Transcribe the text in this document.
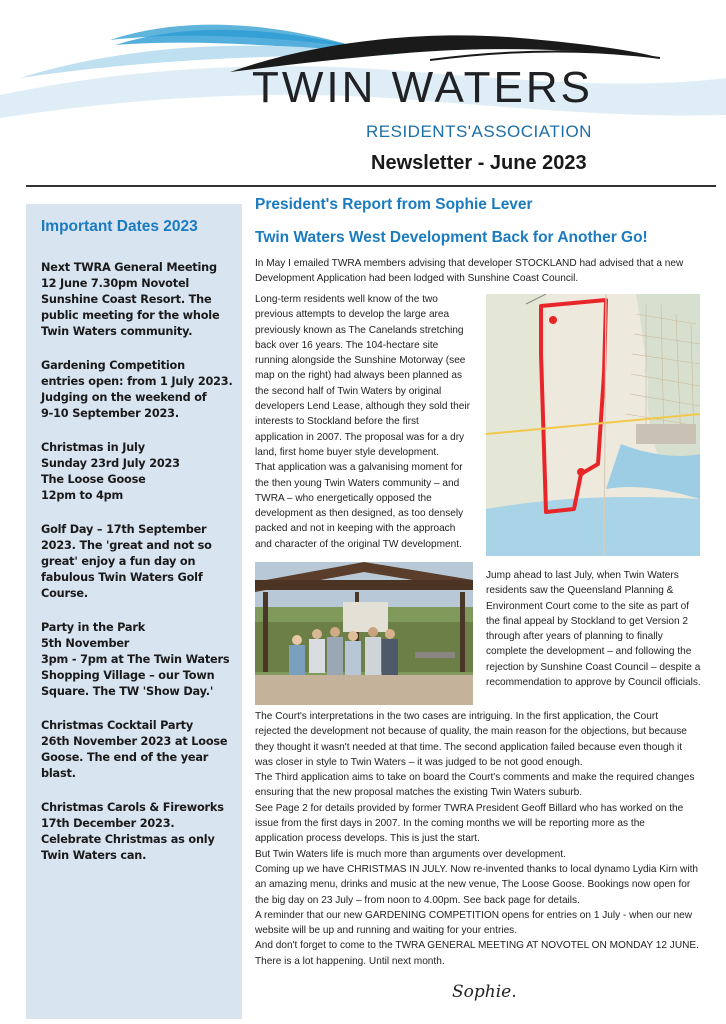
TWIN WATERS
RESIDENTS'ASSOCIATION
Newsletter - June 2023
Important Dates 2023
Next TWRA General Meeting
12 June 7.30pm Novotel
Sunshine Coast Resort. The
public meeting for the whole
Twin Waters community.
Gardening Competition
entries open: from 1 July 2023.
Judging on the weekend of
9-10 September 2023.
Christmas in July
Sunday 23rd July 2023
The Loose Goose
12pm to 4pm
Golf Day – 17th September
2023. The 'great and not so
great' enjoy a fun day on
fabulous Twin Waters Golf
Course.
Party in the Park
5th November
3pm - 7pm at The Twin Waters
Shopping Village – our Town
Square. The TW 'Show Day.'
Christmas Cocktail Party
26th November 2023 at Loose
Goose. The end of the year
blast.
Christmas Carols & Fireworks
17th December 2023.
Celebrate Christmas as only
Twin Waters can.
President's Report from Sophie Lever
Twin Waters West Development Back for Another Go!
In May I emailed TWRA members advising that developer STOCKLAND had advised that a new
Development Application had been lodged with Sunshine Coast Council.
Long-term residents well know of the two
previous attempts to develop the large area
previously known as The Canelands stretching
back over 16 years. The 104-hectare site
running alongside the Sunshine Motorway (see
map on the right) had always been planned as
the second half of Twin Waters by original
developers Lend Lease, although they sold their
interests to Stockland before the first
application in 2007. The proposal was for a dry
land, first home buyer style development.
That application was a galvanising moment for
the then young Twin Waters community – and
TWRA – who energetically opposed the
development as then designed, as too densely
packed and not in keeping with the approach
and character of the original TW development.
Jump ahead to last July, when Twin Waters
residents saw the Queensland Planning &
Environment Court come to the site as part of
the final appeal by Stockland to get Version 2
through after years of planning to finally
complete the development – and following the
rejection by Sunshine Coast Council – despite a
recommendation to approve by Council officials.
The Court's interpretations in the two cases are intriguing. In the first application, the Court
rejected the development not because of quality, the main reason for the objections, but because
they thought it wasn't needed at that time. The second application failed because even though it
was closer in style to Twin Waters – it was judged to be not good enough.
The Third application aims to take on board the Court's comments and make the required changes
ensuring that the new proposal matches the existing Twin Waters suburb.
See Page 2 for details provided by former TWRA President Geoff Billard who has worked on the
issue from the first days in 2007. In the coming months we will be reporting more as the
application process develops. This is just the start.
But Twin Waters life is much more than arguments over development.
Coming up we have CHRISTMAS IN JULY. Now re-invented thanks to local dynamo Lydia Kirn with
an amazing menu, drinks and music at the new venue, The Loose Goose. Bookings now open for
the big day on 23 July – from noon to 4.00pm. See back page for details.
A reminder that our new GARDENING COMPETITION opens for entries on 1 July - when our new
website will be up and running and waiting for your entries.
And don't forget to come to the TWRA GENERAL MEETING AT NOVOTEL ON MONDAY 12 JUNE.
There is a lot happening. Until next month.
Sophie.
